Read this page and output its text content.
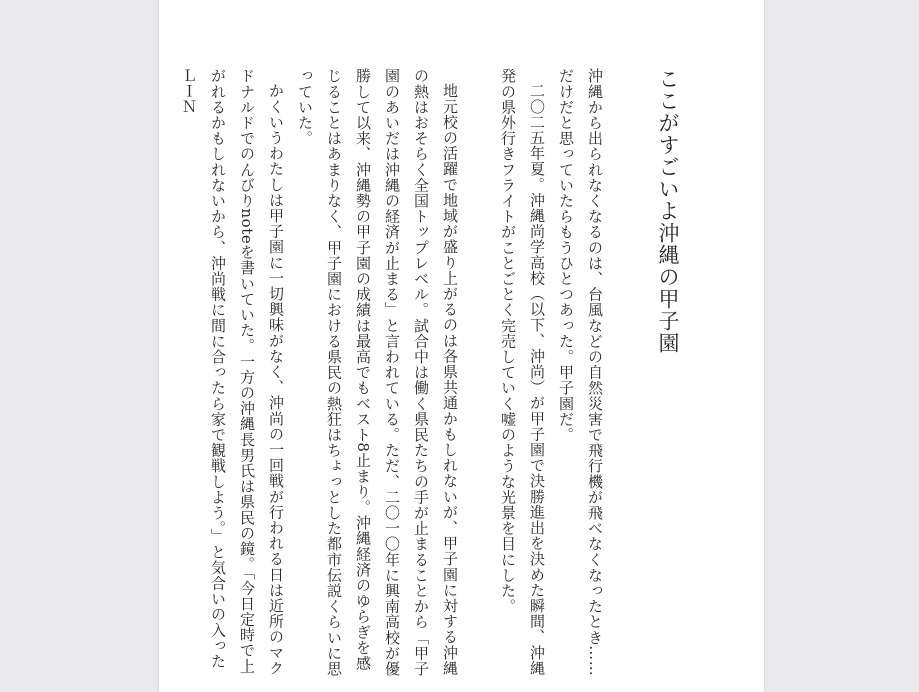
ここがすごいよ沖縄の甲子園

沖縄から出られなくなるのは、台風などの自然災害で飛行機が飛べなくなったとき……だけだと思っていたらもうひとつあった。甲子園だ。

二〇二五年夏。沖縄尚学高校（以下、沖尚）が甲子園で決勝進出を決めた瞬間、沖縄発の県外行きフライトがことごとく完売していく嘘のような光景を目にした。

地元校の活躍で地域が盛り上がるのは各県共通かもしれないが、甲子園に対する沖縄の熱はおそらく全国トップレベル。試合中は働く県民たちの手が止まることから「甲子園のあいだは沖縄の経済が止まる」と言われている。ただ、二〇一〇年に興南高校が優勝して以来、沖縄勢の甲子園の成績は最高でもベスト8止まり。沖縄経済のゆらぎを感じることはあまりなく、甲子園における県民の熱狂はちょっとした都市伝説くらいに思っていた。

かくいうわたしは甲子園に一切興味がなく、沖尚の一回戦が行われる日は近所のマクドナルドでのんびりnoteを書いていた。一方の沖縄長男氏は県民の鏡。「今日定時で上がれるかもしれないから、沖尚戦に間に合ったら家で観戦しよう。」と気合いの入ったＬＩＮ
